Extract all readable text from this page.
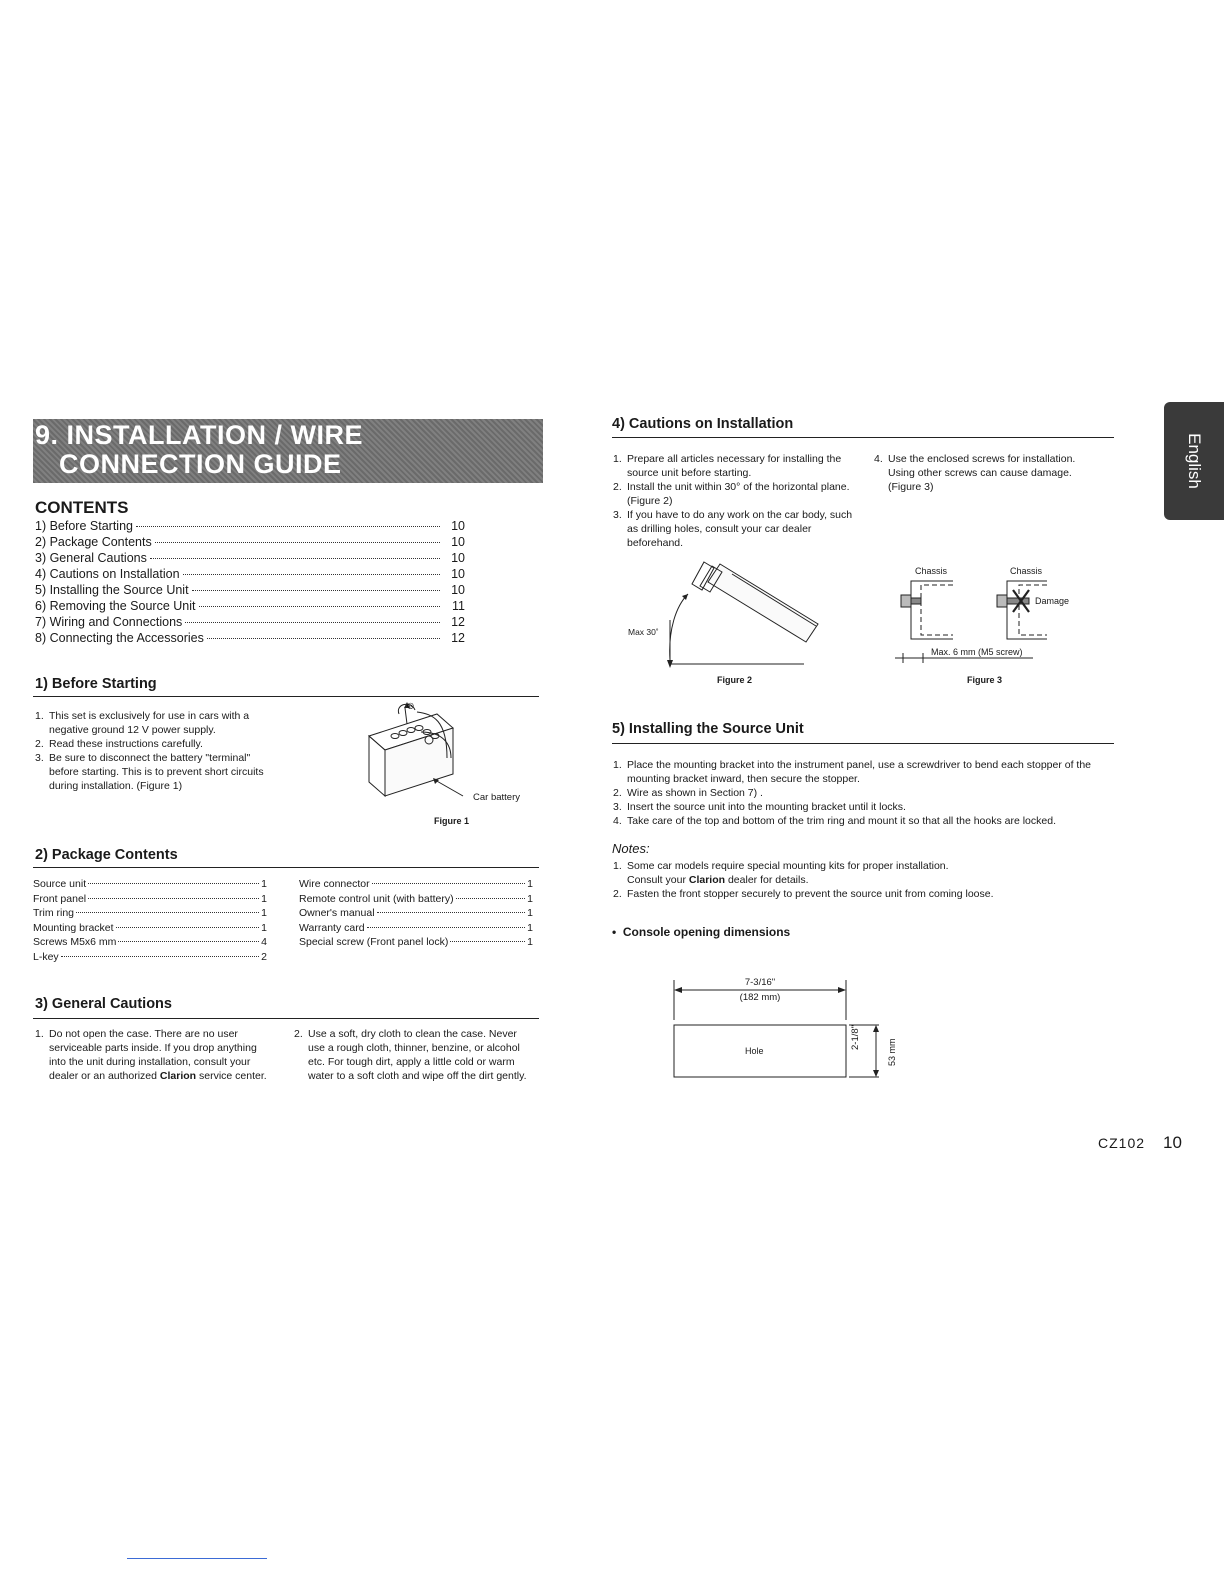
9. INSTALLATION / WIRE
CONNECTION GUIDE
CONTENTS
1) Before Starting	10
2) Package Contents	10
3) General Cautions	10
4) Cautions on Installation	10
5) Installing the Source Unit	10
6) Removing the Source Unit	11
7) Wiring and Connections	12
8) Connecting the Accessories	12
1) Before Starting
1. This set is exclusively for use in cars with a negative ground 12 V power supply.
2. Read these instructions carefully.
3. Be sure to disconnect the battery "terminal" before starting. This is to prevent short circuits during installation. (Figure 1)
◎
Car battery
Figure 1
2) Package Contents
Source unit	1
Front panel	1
Trim ring	1
Mounting bracket	1
Screws M5x6 mm	4
L-key	2
Wire connector	1
Remote control unit (with battery)	1
Owner's manual	1
Warranty card	1
Special screw (Front panel lock)	1
3) General Cautions
1. Do not open the case. There are no user serviceable parts inside. If you drop anything into the unit during installation, consult your dealer or an authorized Clarion service center.
2. Use a soft, dry cloth to clean the case. Never use a rough cloth, thinner, benzine, or alcohol etc. For tough dirt, apply a little cold or warm water to a soft cloth and wipe off the dirt gently.
4) Cautions on Installation
1. Prepare all articles necessary for installing the source unit before starting.
2. Install the unit within 30° of the horizontal plane. (Figure 2)
3. If you have to do any work on the car body, such as drilling holes, consult your car dealer beforehand.
4. Use the enclosed screws for installation. Using other screws can cause damage. (Figure 3)
Max 30˚
Figure 2
Chassis	Chassis
Damage
Max. 6 mm (M5 screw)
Figure 3
5) Installing the Source Unit
1. Place the mounting bracket into the instrument panel, use a screwdriver to bend each stopper of the mounting bracket inward, then secure the stopper.
2. Wire as shown in Section 7) .
3. Insert the source unit into the mounting bracket until it locks.
4. Take care of the top and bottom of the trim ring and mount it so that all the hooks are locked.
Notes:
1. Some car models require special mounting kits for proper installation.
Consult your Clarion dealer for details.
2. Fasten the front stopper securely to prevent the source unit from coming loose.
•  Console opening dimensions
7-3/16"
(182 mm)
Hole
2-1/8"
53 mm
English
CZ102 10
